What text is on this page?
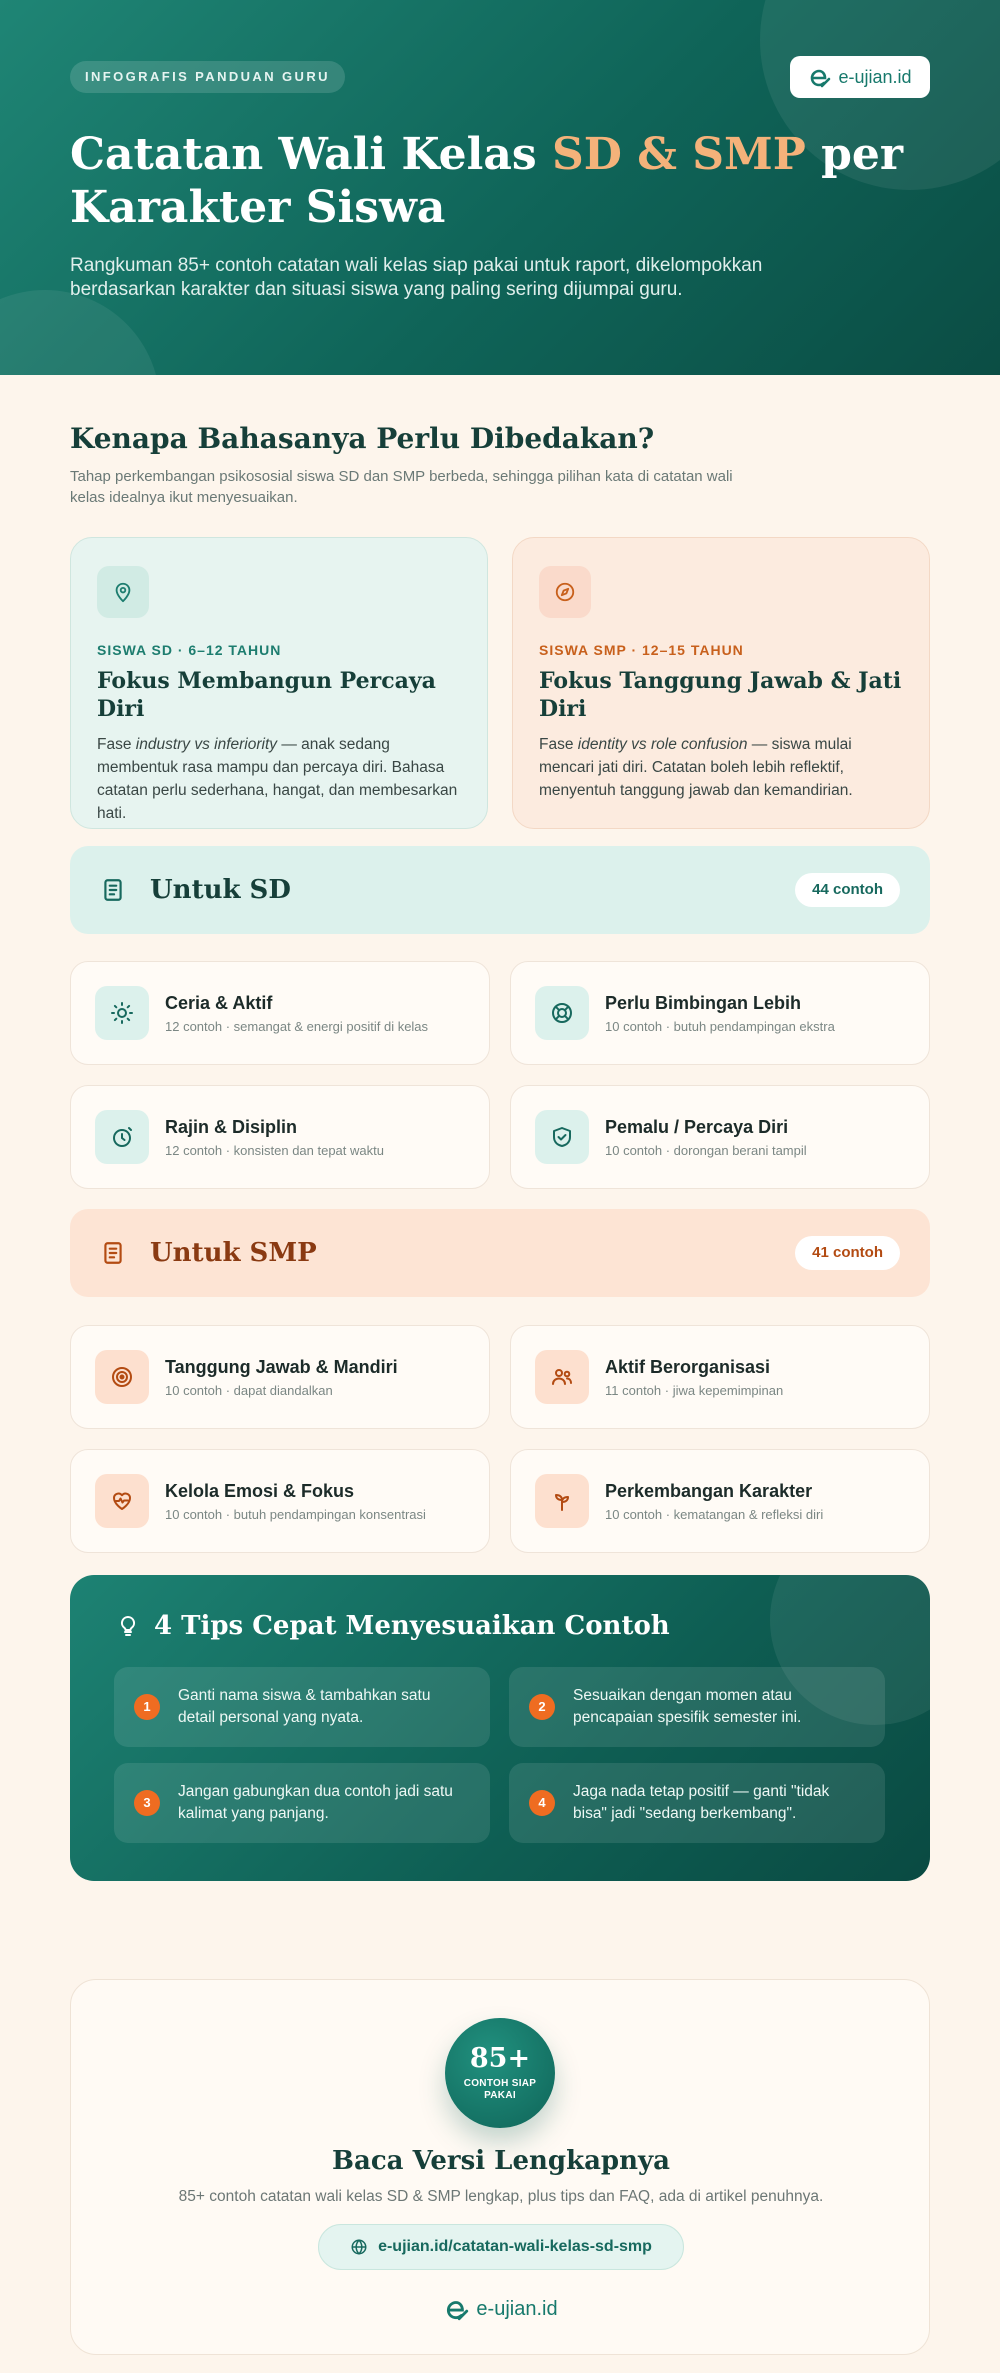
INFOGRAFIS PANDUAN GURU	e-ujian.id
Catatan Wali Kelas SD & SMP per Karakter Siswa

Rangkuman 85+ contoh catatan wali kelas siap pakai untuk raport, dikelompokkan berdasarkan karakter dan situasi siswa yang paling sering dijumpai guru.

Kenapa Bahasanya Perlu Dibedakan?

Tahap perkembangan psikososial siswa SD dan SMP berbeda, sehingga pilihan kata di catatan wali kelas idealnya ikut menyesuaikan.

SISWA SD · 6–12 TAHUN
Fokus Membangun Percaya Diri

Fase industry vs inferiority — anak sedang membentuk rasa mampu dan percaya diri. Bahasa catatan perlu sederhana, hangat, dan membesarkan hati.

SISWA SMP · 12–15 TAHUN
Fokus Tanggung Jawab & Jati Diri

Fase identity vs role confusion — siswa mulai mencari jati diri. Catatan boleh lebih reflektif, menyentuh tanggung jawab dan kemandirian.

Untuk SD	44 contoh
Ceria & Aktif
12 contoh · semangat & energi positif di kelas
Perlu Bimbingan Lebih
10 contoh · butuh pendampingan ekstra
Rajin & Disiplin
12 contoh · konsisten dan tepat waktu
Pemalu / Percaya Diri
10 contoh · dorongan berani tampil
Untuk SMP	41 contoh
Tanggung Jawab & Mandiri
10 contoh · dapat diandalkan
Aktif Berorganisasi
11 contoh · jiwa kepemimpinan
Kelola Emosi & Fokus
10 contoh · butuh pendampingan konsentrasi
Perkembangan Karakter
10 contoh · kematangan & refleksi diri
4 Tips Cepat Menyesuaikan Contoh
1
Ganti nama siswa & tambahkan satu detail personal yang nyata.
2
Sesuaikan dengan momen atau pencapaian spesifik semester ini.
3
Jangan gabungkan dua contoh jadi satu kalimat yang panjang.
4
Jaga nada tetap positif — ganti "tidak bisa" jadi "sedang berkembang".
85+
CONTOH SIAP PAKAI
Baca Versi Lengkapnya

85+ contoh catatan wali kelas SD & SMP lengkap, plus tips dan FAQ, ada di artikel penuhnya.

e-ujian.id/catatan-wali-kelas-sd-smp
e-ujian.id
